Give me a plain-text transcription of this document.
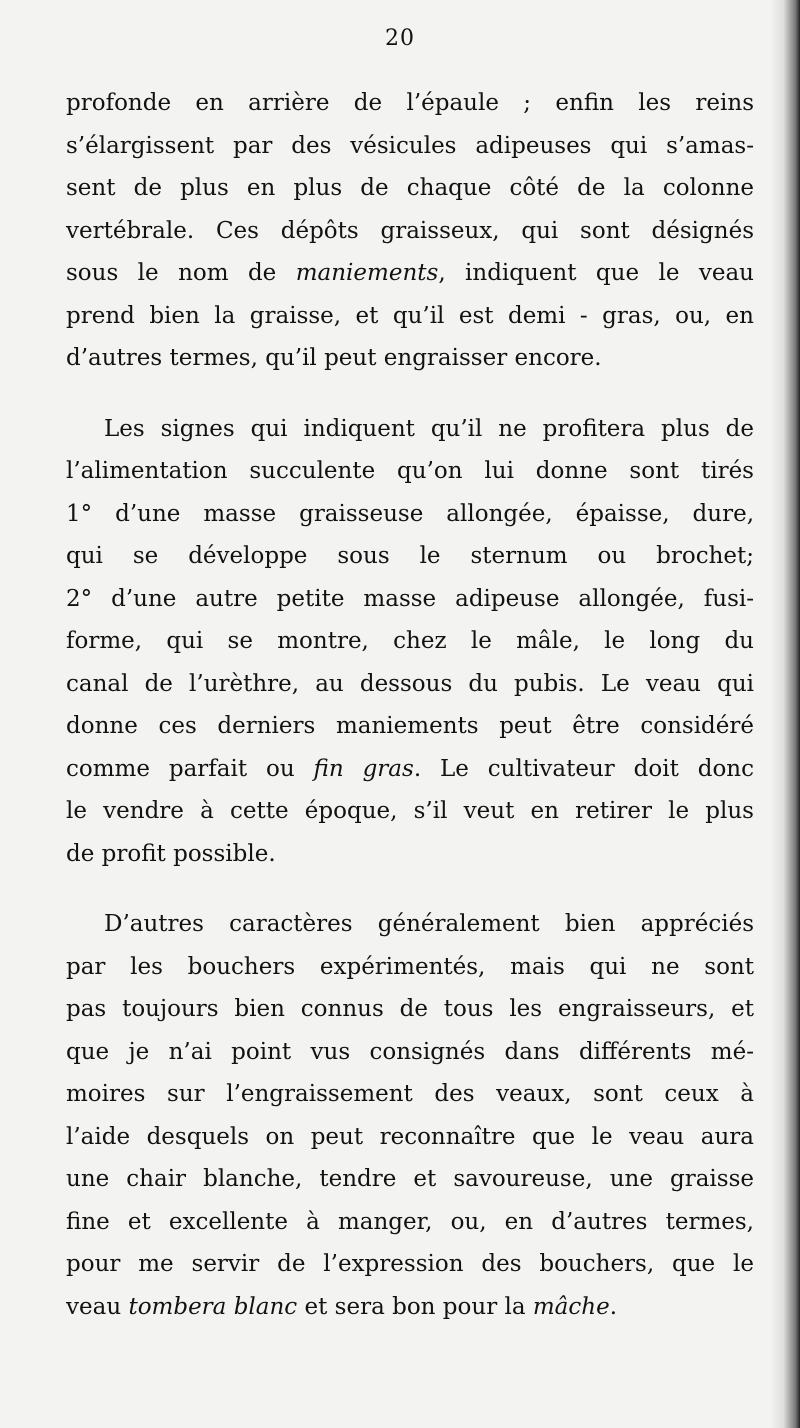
20
profonde en arrière de l’épaule ; enfin les reins
s’élargissent par des vésicules adipeuses qui s’amas-
sent de plus en plus de chaque côté de la colonne
vertébrale. Ces dépôts graisseux, qui sont désignés
sous le nom de maniements, indiquent que le veau
prend bien la graisse, et qu’il est demi - gras, ou, en
d’autres termes, qu’il peut engraisser encore.
Les signes qui indiquent qu’il ne profitera plus de
l’alimentation succulente qu’on lui donne sont tirés
1° d’une masse graisseuse allongée, épaisse, dure,
qui se développe sous le sternum ou brochet;
2° d’une autre petite masse adipeuse allongée, fusi-
forme, qui se montre, chez le mâle, le long du
canal de l’urèthre, au dessous du pubis. Le veau qui
donne ces derniers maniements peut être considéré
comme parfait ou fin gras. Le cultivateur doit donc
le vendre à cette époque, s’il veut en retirer le plus
de profit possible.
D’autres caractères généralement bien appréciés
par les bouchers expérimentés, mais qui ne sont
pas toujours bien connus de tous les engraisseurs, et
que je n’ai point vus consignés dans différents mé-
moires sur l’engraissement des veaux, sont ceux à
l’aide desquels on peut reconnaître que le veau aura
une chair blanche, tendre et savoureuse, une graisse
fine et excellente à manger, ou, en d’autres termes,
pour me servir de l’expression des bouchers, que le
veau tombera blanc et sera bon pour la mâche.
